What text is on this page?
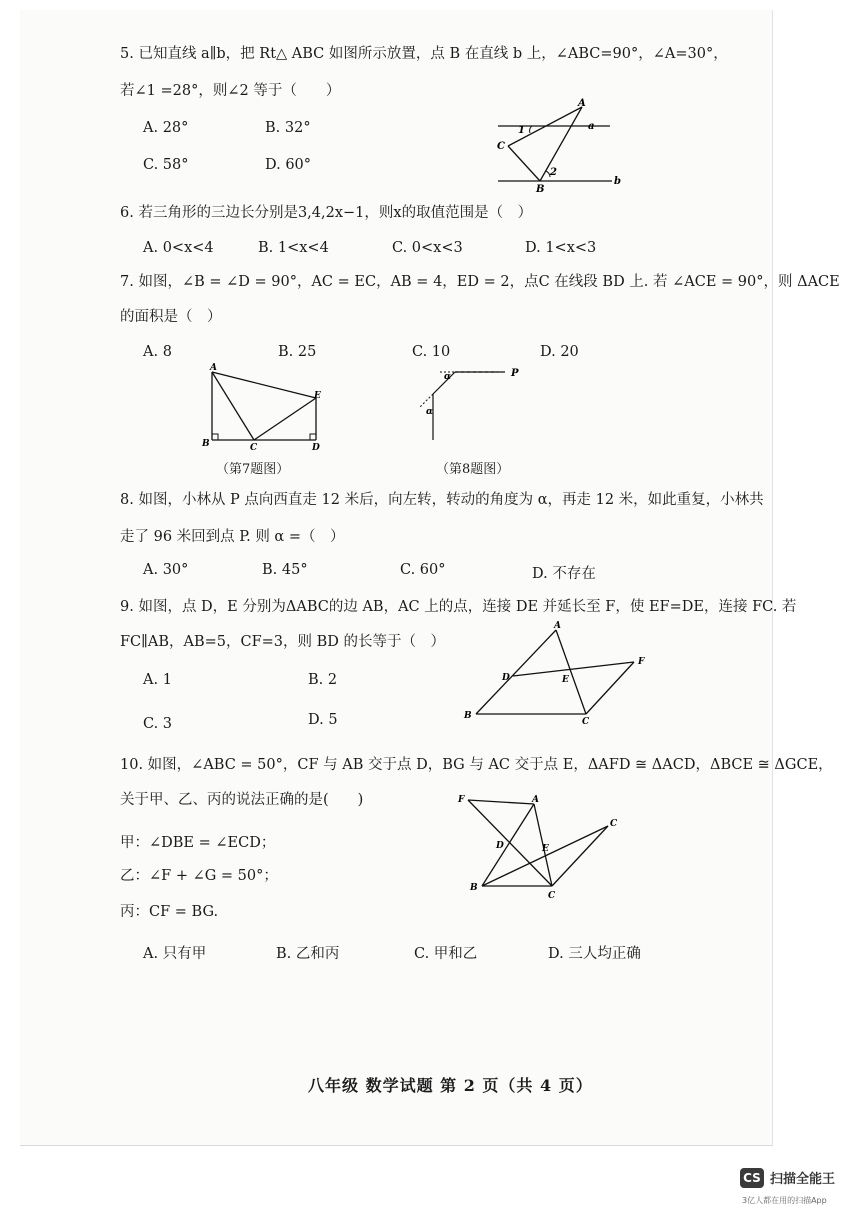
5. 已知直线 a∥b，把 Rt△ ABC 如图所示放置，点 B 在直线 b 上，∠ABC=90°，∠A=30°，
若∠1 =28°，则∠2 等于（　　）
A. 28°	B. 32°
C. 58°	D. 60°
A
a
1
C
2
B
b
6. 若三角形的三边长分别是3,4,2x−1，则x的取值范围是（　）
A. 0<x<4	B. 1<x<4	C. 0<x<3	D. 1<x<3
7. 如图，∠B = ∠D = 90°，AC = EC，AB = 4，ED = 2，点C 在线段 BD 上. 若 ∠ACE = 90°，则 ΔACE
的面积是（　）
A. 8	B. 25	C. 10	D. 20
A
E
B	C	D
（第7题图）
α
α
P
（第8题图）
8. 如图，小林从 P 点向西直走 12 米后，向左转，转动的角度为 α，再走 12 米，如此重复，小林共
走了 96 米回到点 P. 则 α =（　）
A. 30°	B. 45°	C. 60°	D. 不存在
9. 如图，点 D，E 分别为ΔABC的边 AB，AC 上的点，连接 DE 并延长至 F，使 EF=DE，连接 FC. 若
FC∥AB，AB=5，CF=3，则 BD 的长等于（　）
A. 1	B. 2
C. 3	D. 5
A
D	E
F
B
C
10. 如图，∠ABC = 50°，CF 与 AB 交于点 D，BG 与 AC 交于点 E，ΔAFD ≅ ΔACD，ΔBCE ≅ ΔGCE，
关于甲、乙、丙的说法正确的是(　　)
甲：∠DBE = ∠ECD；
乙：∠F + ∠G = 50°；
丙：CF = BG.
A. 只有甲	B. 乙和丙	C. 甲和乙	D. 三人均正确
F	A
C
D	E
B
C
八年级 数学试题 第 2 页（共 4 页）
CS 扫描全能王
3亿人都在用的扫描App
